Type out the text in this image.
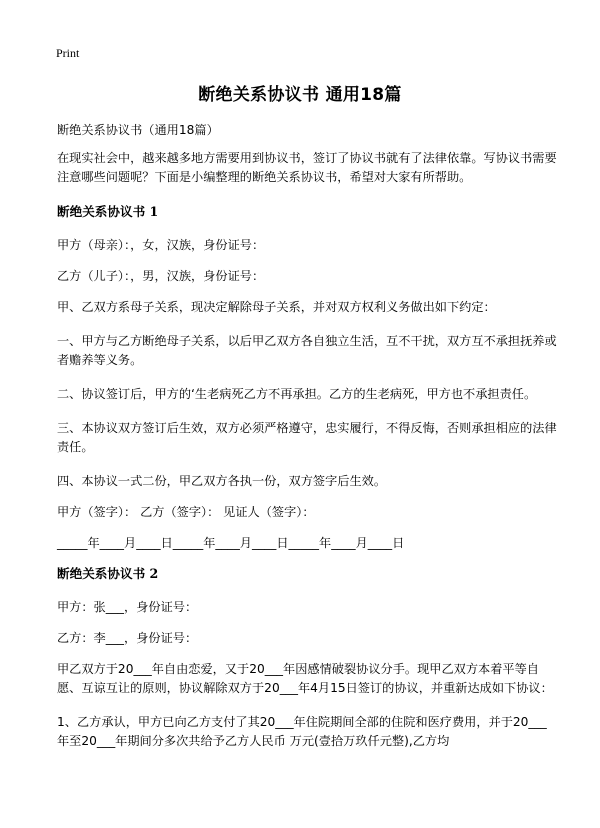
Print
断绝关系协议书 通用18篇

断绝关系协议书（通用18篇）

在现实社会中，越来越多地方需要用到协议书，签订了协议书就有了法律依靠。写协议书需要注意哪些问题呢？下面是小编整理的断绝关系协议书，希望对大家有所帮助。

断绝关系协议书 1

甲方（母亲）：，女，汉族，身份证号：

乙方（儿子）：，男，汉族，身份证号：

甲、乙双方系母子关系，现决定解除母子关系，并对双方权利义务做出如下约定：

一、甲方与乙方断绝母子关系，以后甲乙双方各自独立生活，互不干扰，双方互不承担抚养或者赡养等义务。

二、协议签订后，甲方的‘生老病死乙方不再承担。乙方的生老病死，甲方也不承担责任。

三、本协议双方签订后生效，双方必须严格遵守，忠实履行，不得反悔，否则承担相应的法律责任。

四、本协议一式二份，甲乙双方各执一份，双方签字后生效。

甲方（签字）： 乙方（签字）： 见证人（签字）：

_____年____月____日_____年____月____日_____年____月____日

断绝关系协议书 2

甲方：张___，身份证号：

乙方：李___，身份证号：

甲乙双方于20___年自由恋爱，又于20___年因感情破裂协议分手。现甲乙双方本着平等自愿、互谅互让的原则，协议解除双方于20___年4月15日签订的协议，并重新达成如下协议：

1、乙方承认，甲方已向乙方支付了其20___年住院期间全部的住院和医疗费用，并于20___年至20___年期间分多次共给予乙方人民币 万元(壹拾万玖仟元整),乙方均
